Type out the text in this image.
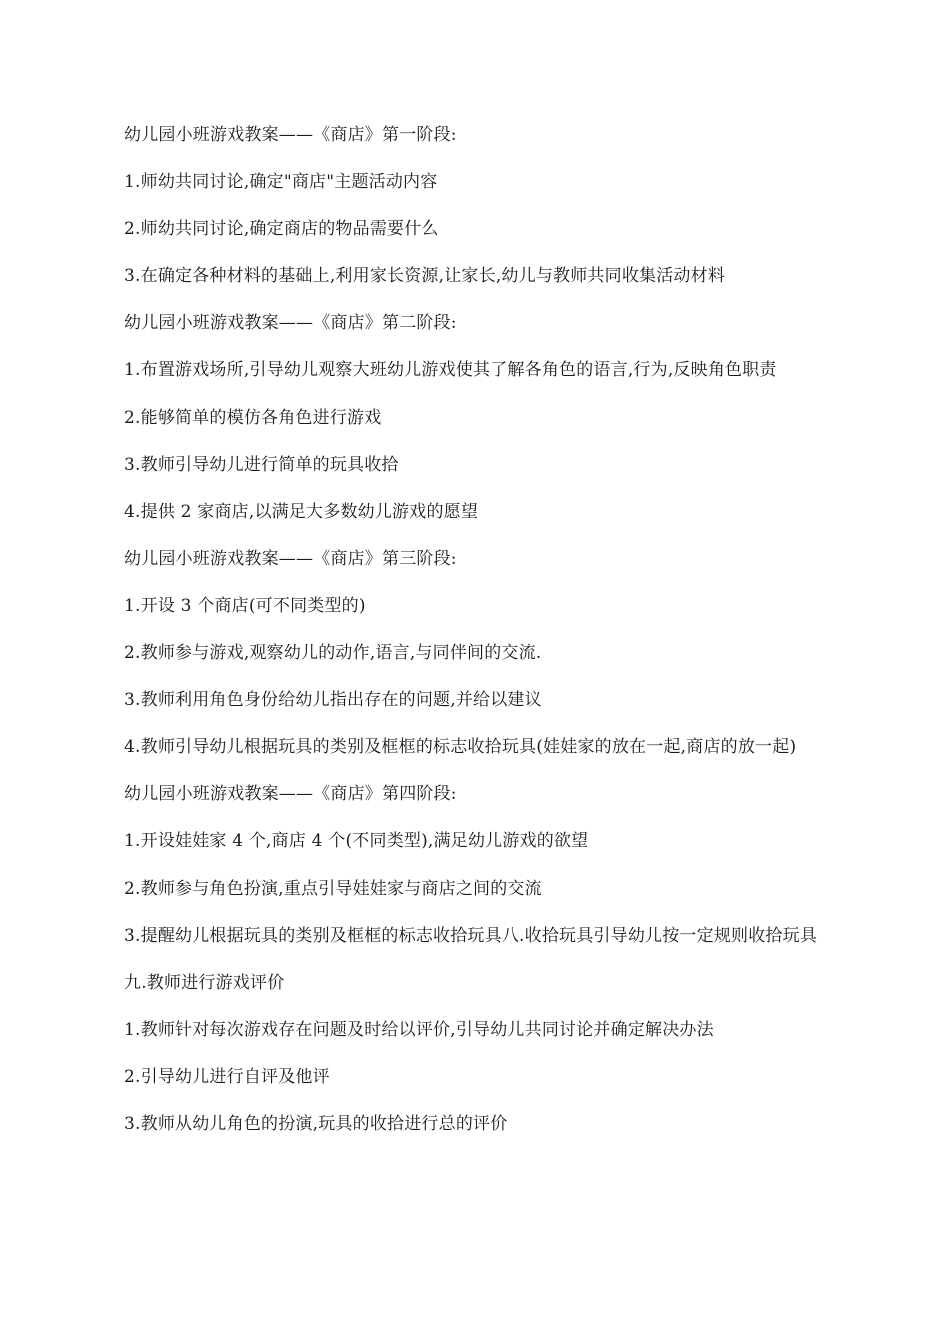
幼儿园小班游戏教案——《商店》第一阶段:

1.师幼共同讨论,确定"商店"主题活动内容

2.师幼共同讨论,确定商店的物品需要什么

3.在确定各种材料的基础上,利用家长资源,让家长,幼儿与教师共同收集活动材料

幼儿园小班游戏教案——《商店》第二阶段:

1.布置游戏场所,引导幼儿观察大班幼儿游戏使其了解各角色的语言,行为,反映角色职责

2.能够简单的模仿各角色进行游戏

3.教师引导幼儿进行简单的玩具收拾

4.提供 2 家商店,以满足大多数幼儿游戏的愿望

幼儿园小班游戏教案——《商店》第三阶段:

1.开设 3 个商店(可不同类型的)

2.教师参与游戏,观察幼儿的动作,语言,与同伴间的交流.

3.教师利用角色身份给幼儿指出存在的问题,并给以建议

4.教师引导幼儿根据玩具的类别及框框的标志收拾玩具(娃娃家的放在一起,商店的放一起)

幼儿园小班游戏教案——《商店》第四阶段:

1.开设娃娃家 4 个,商店 4 个(不同类型),满足幼儿游戏的欲望

2.教师参与角色扮演,重点引导娃娃家与商店之间的交流

3.提醒幼儿根据玩具的类别及框框的标志收拾玩具八.收拾玩具引导幼儿按一定规则收拾玩具

九.教师进行游戏评价

1.教师针对每次游戏存在问题及时给以评价,引导幼儿共同讨论并确定解决办法

2.引导幼儿进行自评及他评

3.教师从幼儿角色的扮演,玩具的收拾进行总的评价
